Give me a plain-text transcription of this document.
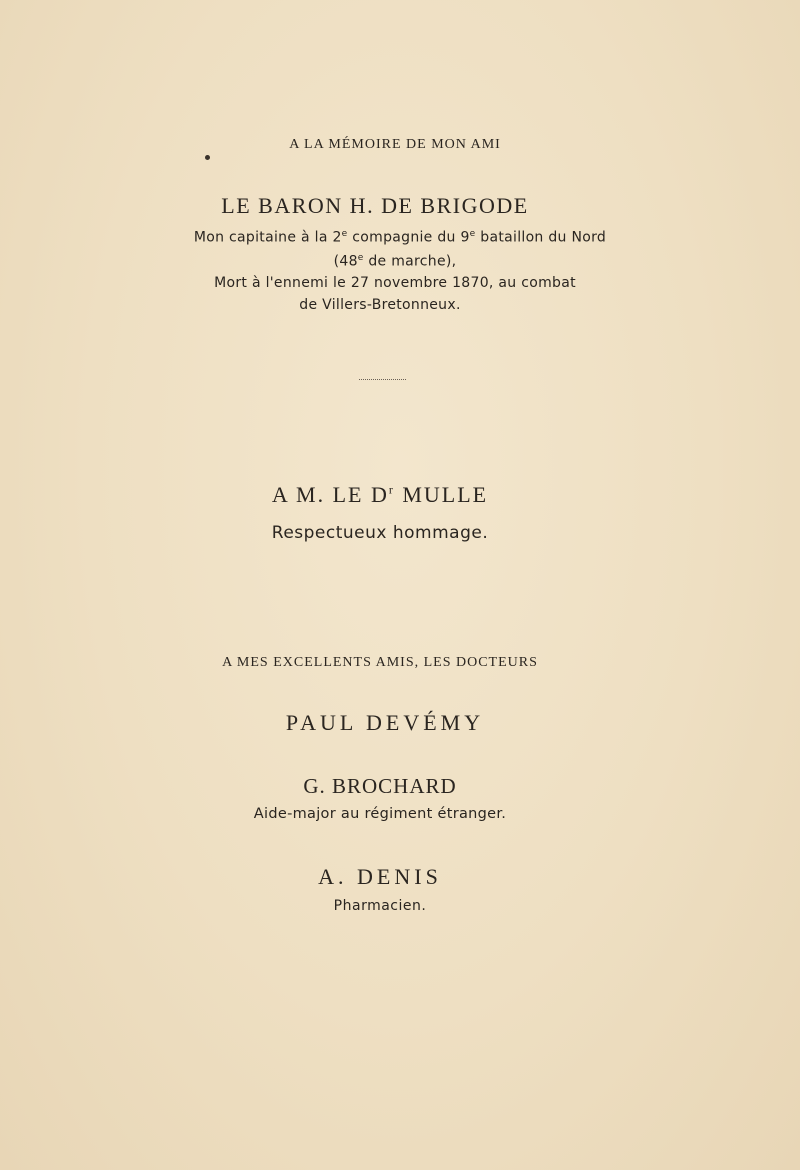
A LA MÉMOIRE DE MON AMI
LE BARON H. DE BRIGODE
Mon capitaine à la 2e compagnie du 9e bataillon du Nord
(48e de marche),
Mort à l'ennemi le 27 novembre 1870, au combat
de Villers-Bretonneux.
A M. LE $D^r$ MULLE
Respectueux hommage.
A MES EXCELLENTS AMIS, LES DOCTEURS
PAUL DEVÉMY
G. BROCHARD
Aide-major au régiment étranger.
A. DENIS
Pharmacien.
